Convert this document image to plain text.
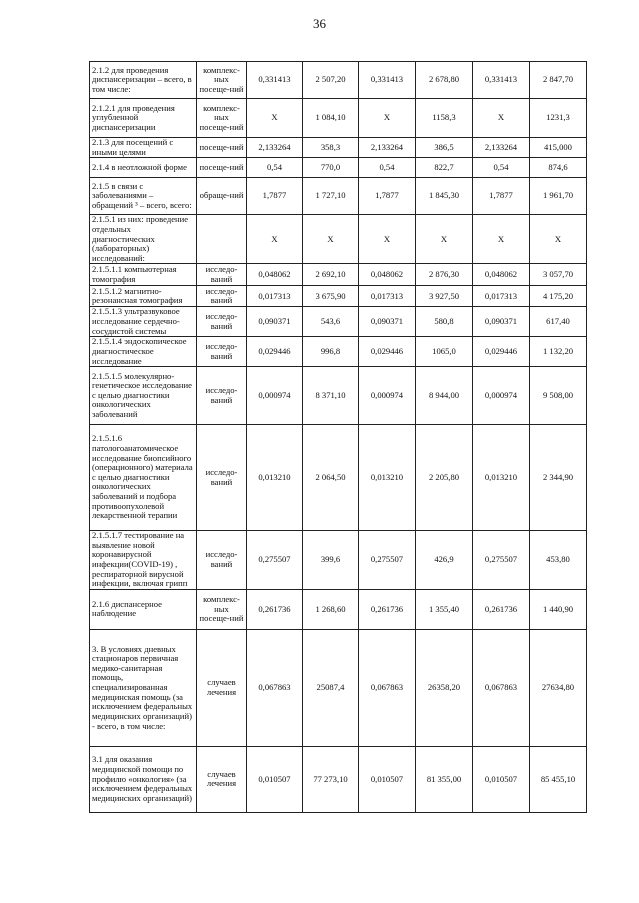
36
2.1.2 для проведения диспансеризации – всего, в том числе:	комплекс-ных посеще-ний	0,331413	2 507,20	0,331413	2 678,80	0,331413	2 847,70
2.1.2.1 для проведения углубленной диспансеризации	комплекс-ных посеще-ний	Х	1 084,10	Х	1158,3	Х	1231,3
2.1.3 для посещений с иными целями	посеще-ний	2,133264	358,3	2,133264	386,5	2,133264	415,000
2.1.4 в неотложной форме	посеще-ний	0,54	770,0	0,54	822,7	0,54	874,6
2.1.5 в связи с заболеваниями – обращений ³ – всего, всего:	обраще-ний	1,7877	1 727,10	1,7877	1 845,30	1,7877	1 961,70
2.1.5.1 из них: проведение отдельных диагностических (лабораторных) исследований:		Х	Х	Х	Х	Х	Х
2.1.5.1.1 компьютерная томография	исследо-ваний	0,048062	2 692,10	0,048062	2 876,30	0,048062	3 057,70
2.1.5.1.2 магнитно-резонансная томография	исследо-ваний	0,017313	3 675,90	0,017313	3 927,50	0,017313	4 175,20
2.1.5.1.3 ультразвуковое исследование сердечно-сосудистой системы	исследо-ваний	0,090371	543,6	0,090371	580,8	0,090371	617,40
2.1.5.1.4 эндоскопическое диагностическое исследование	исследо-ваний	0,029446	996,8	0,029446	1065,0	0,029446	1 132,20
2.1.5.1.5 молекулярно-генетическое исследование с целью диагностики онкологических заболеваний	исследо-ваний	0,000974	8 371,10	0,000974	8 944,00	0,000974	9 508,00
2.1.5.1.6 патологоанатомическое исследование биопсийного (операционного) материала с целью диагностики онкологических заболеваний и подбора противоопухолевой лекарственной терапии	исследо-ваний	0,013210	2 064,50	0,013210	2 205,80	0,013210	2 344,90
2.1.5.1.7 тестирование на выявление новой коронавирусной инфекции(COVID-19) , респираторной вирусной инфекции, включая грипп	исследо-ваний	0,275507	399,6	0,275507	426,9	0,275507	453,80
2.1.6 диспансерное наблюдение	комплекс-ных посеще-ний	0,261736	1 268,60	0,261736	1 355,40	0,261736	1 440,90
3. В условиях дневных стационаров первичная медико-санитарная помощь, специализированная медицинская помощь (за исключением федеральных медицинских организаций) - всего, в том числе:	случаев лечения	0,067863	25087,4	0,067863	26358,20	0,067863	27634,80
3.1 для оказания медицинской помощи по профилю «онкология» (за исключением федеральных медицинских организаций)	случаев лечения	0,010507	77 273,10	0,010507	81 355,00	0,010507	85 455,10
